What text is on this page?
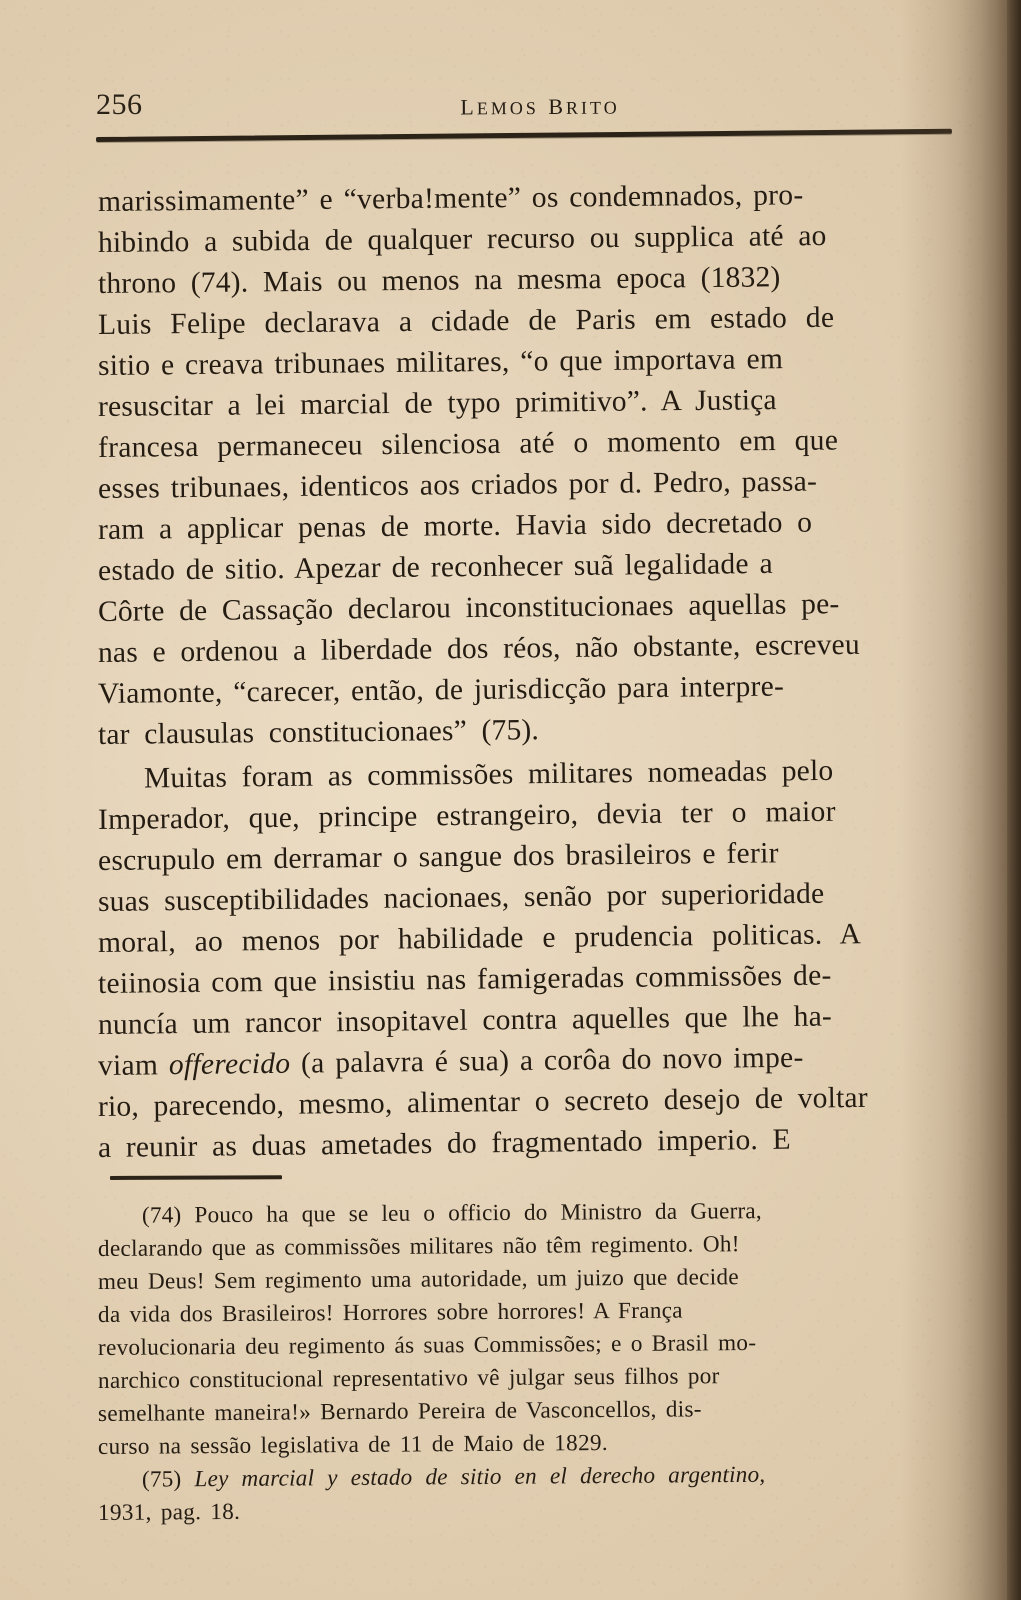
256	lemos brito
marissimamente” e “verba!mente” os condemnados, pro-
hibindo a subida de qualquer recurso ou supplica até ao
throno (74). Mais ou menos na mesma epoca (1832)
Luis Felipe declarava a cidade de Paris em estado de
sitio e creava tribunaes militares, “o que importava em
resuscitar a lei marcial de typo primitivo”. A Justiça
francesa permaneceu silenciosa até o momento em que
esses tribunaes, identicos aos criados por d. Pedro, passa-
ram a applicar penas de morte. Havia sido decretado o
estado de sitio. Apezar de reconhecer suã legalidade a
Côrte de Cassação declarou inconstitucionaes aquellas pe-
nas e ordenou a liberdade dos réos, não obstante, escreveu
Viamonte, “carecer, então, de jurisdicção para interpre-
tar clausulas constitucionaes” (75).
Muitas foram as commissões militares nomeadas pelo
Imperador, que, principe estrangeiro, devia ter o maior
escrupulo em derramar o sangue dos brasileiros e ferir
suas susceptibilidades nacionaes, senão por superioridade
moral, ao menos por habilidade e prudencia politicas. A
teiinosia com que insistiu nas famigeradas commissões de-
nuncía um rancor insopitavel contra aquelles que lhe ha-
viam offerecido (a palavra é sua) a corôa do novo impe-
rio, parecendo, mesmo, alimentar o secreto desejo de voltar
a reunir as duas ametades do fragmentado imperio. E
(74) Pouco ha que se lеu o officio do Ministro da Guerra,
declarando que as commissões militares não têm regimento. Oh!
meu Dеus! Sem regimento uma autoridade, um juizo que decide
da vida dos Brasileiros! Horrores sobre horrores! A França
revolucionaria deu regimento ás suas Commissões; e o Brasil mo-
narchico constitucional representativo vê julgar seus filhos por
semelhante maneira!» Bernardo Pereira de Vasconcellos, dis-
curso na sessão legislativa de 11 de Maio de 1829.
(75) Ley marcial y estado de sitio en el derecho argentino,
1931, pag. 18.
